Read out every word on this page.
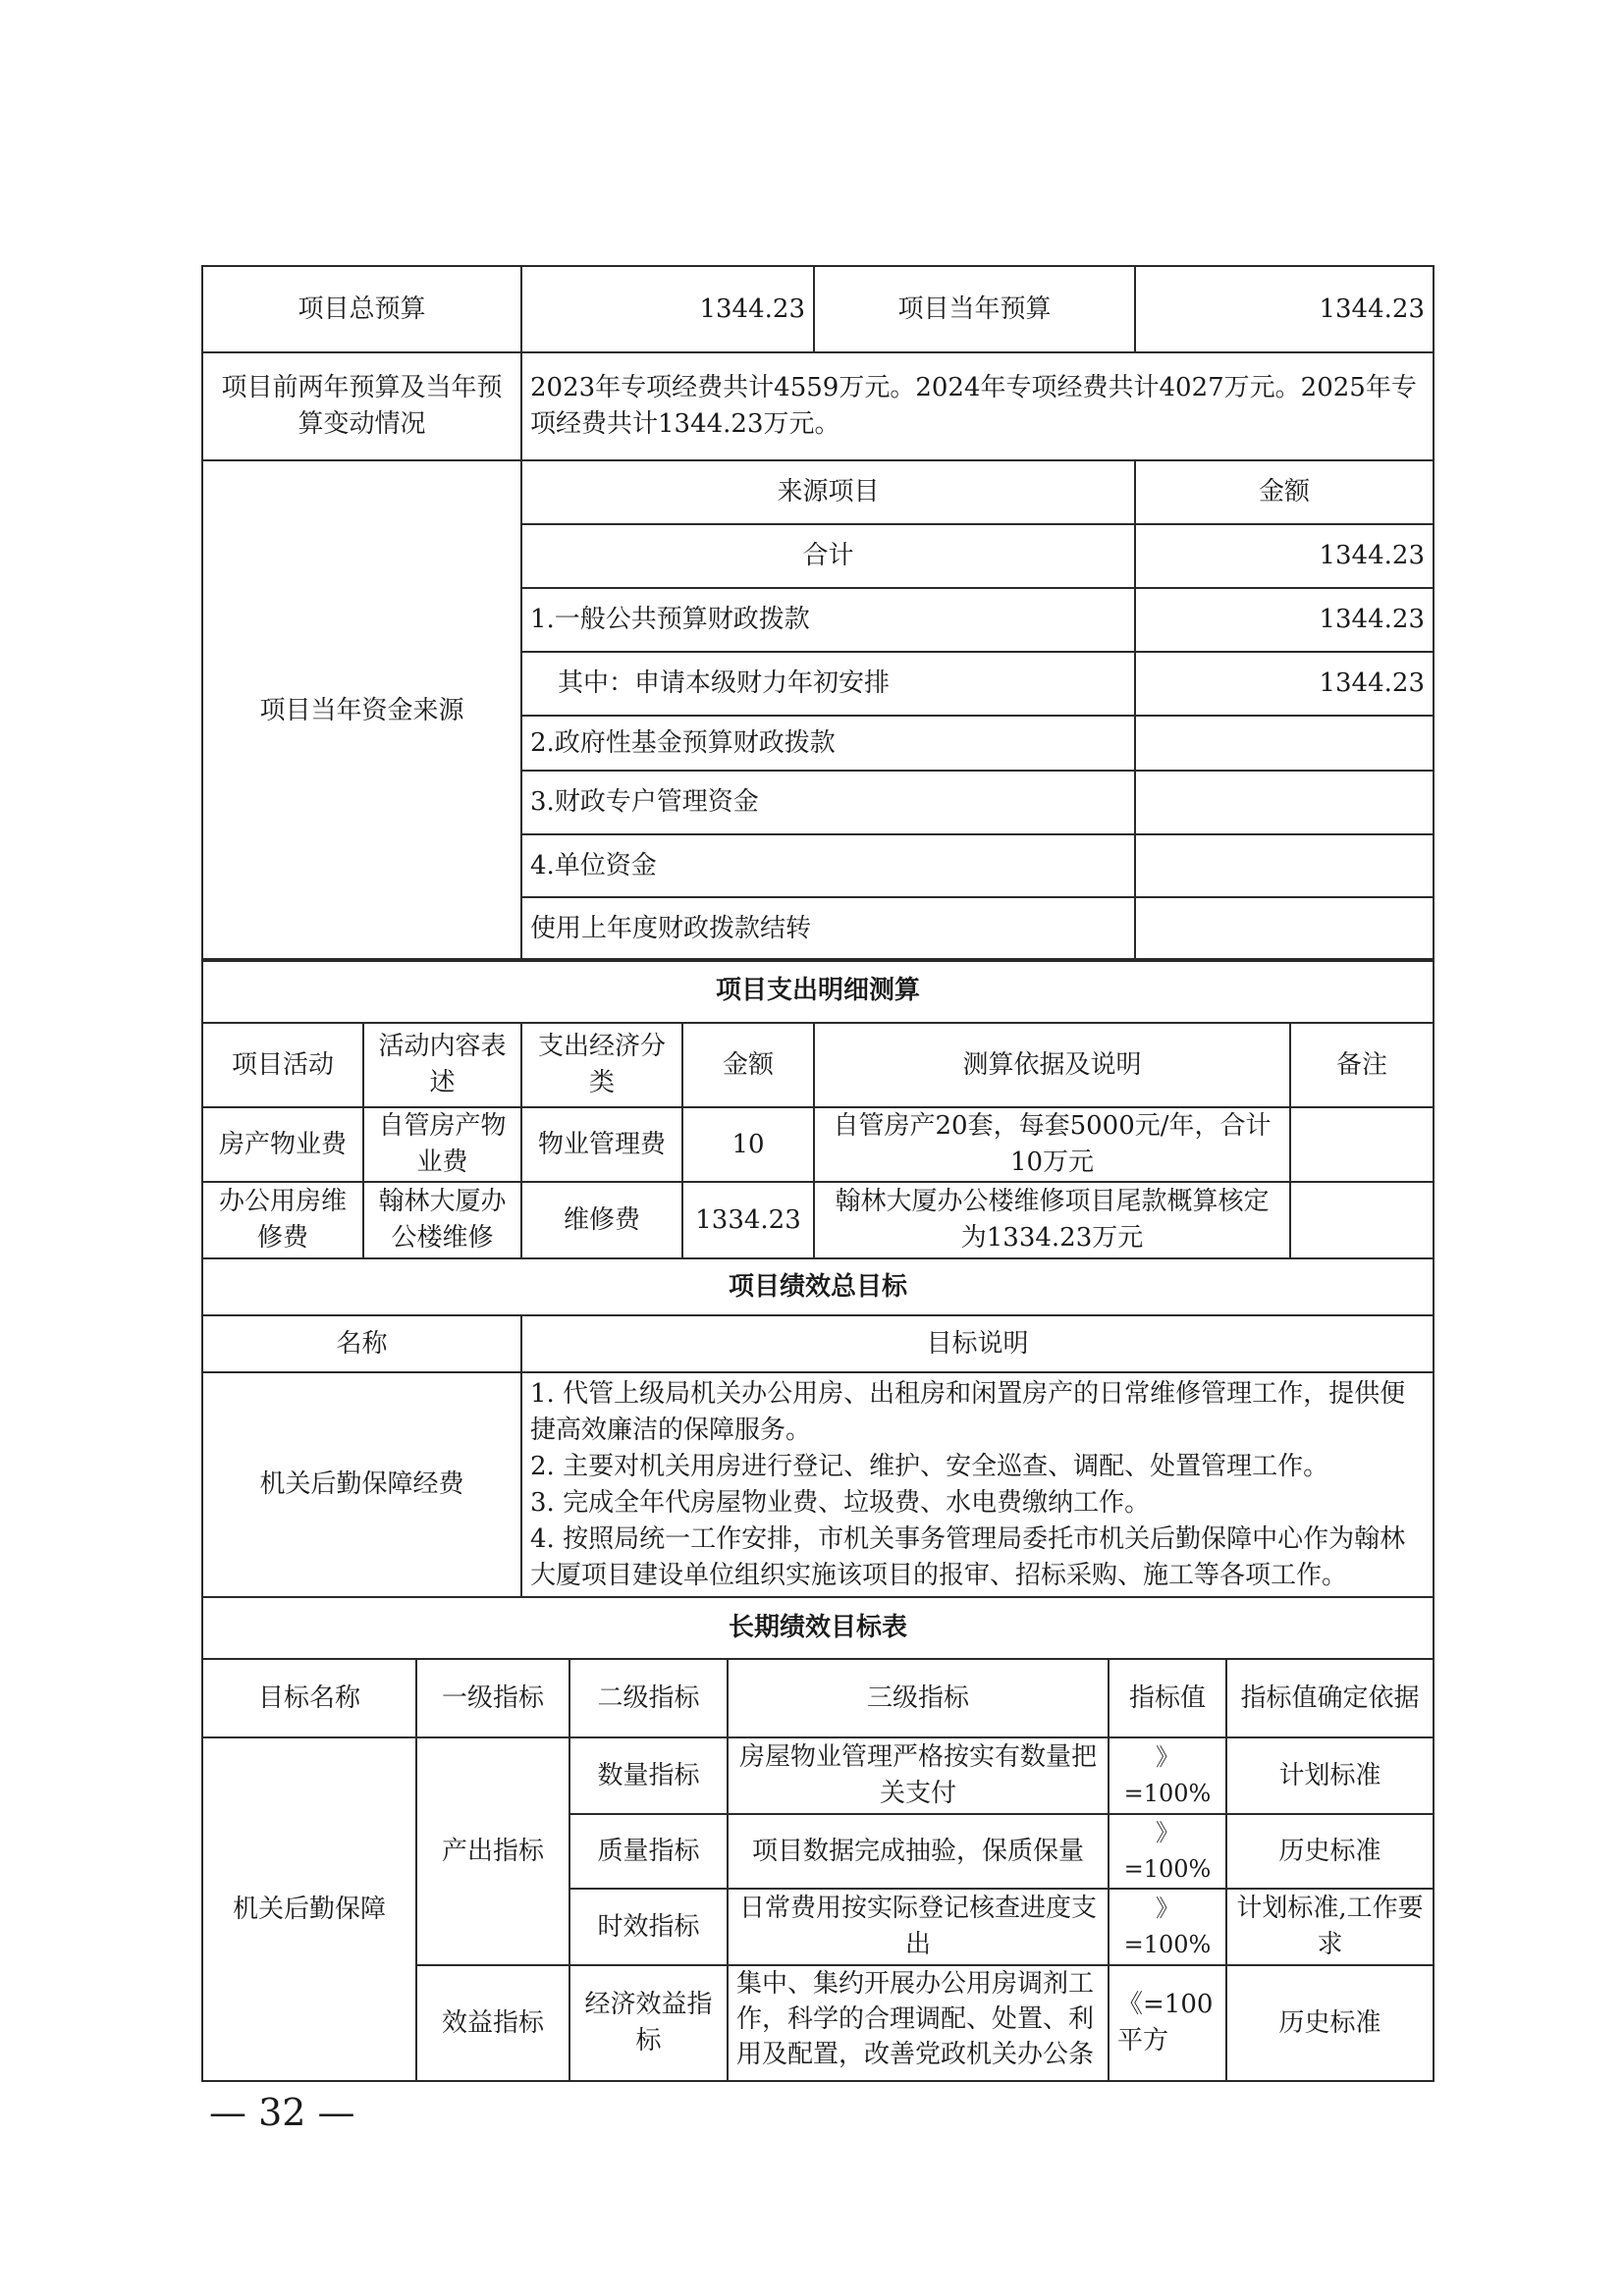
项目总预算	1344.23	项目当年预算	1344.23
项目前两年预算及当年预算变动情况	2023年专项经费共计4559万元。2024年专项经费共计4027万元。2025年专项经费共计1344.23万元。		
项目当年资金来源	来源项目		金额
	合计		1344.23
	1.一般公共预算财政拨款		1344.23
	其中：申请本级财力年初安排		1344.23
	2.政府性基金预算财政拨款		
	3.财政专户管理资金		
	4.单位资金		
	使用上年度财政拨款结转		
项目支出明细测算					
项目活动	活动内容表述	支出经济分类	金额	测算依据及说明	备注
房产物业费	自管房产物业费	物业管理费	10	自管房产20套，每套5000元/年，合计10万元	
办公用房维修费	翰林大厦办公楼维修	维修费	1334.23	翰林大厦办公楼维修项目尾款概算核定为1334.23万元	
项目绩效总目标	
名称	目标说明
机关后勤保障经费	1. 代管上级局机关办公用房、出租房和闲置房产的日常维修管理工作，提供便捷高效廉洁的保障服务。
2. 主要对机关用房进行登记、维护、安全巡查、调配、处置管理工作。
3. 完成全年代房屋物业费、垃圾费、水电费缴纳工作。
4. 按照局统一工作安排，市机关事务管理局委托市机关后勤保障中心作为翰林大厦项目建设单位组织实施该项目的报审、招标采购、施工等各项工作。
长期绩效目标表					
目标名称	一级指标	二级指标	三级指标	指标值	指标值确定依据
机关后勤保障	产出指标	数量指标	房屋物业管理严格按实有数量把关支付	》=100%	计划标准
		质量指标	项目数据完成抽验，保质保量	》=100%	历史标准
		时效指标	日常费用按实际登记核查进度支出	》=100%	计划标准,工作要求
	效益指标	经济效益指标	集中、集约开展办公用房调剂工作，科学的合理调配、处置、利用及配置，改善党政机关办公条	《=100平方	历史标准
— 32 —
